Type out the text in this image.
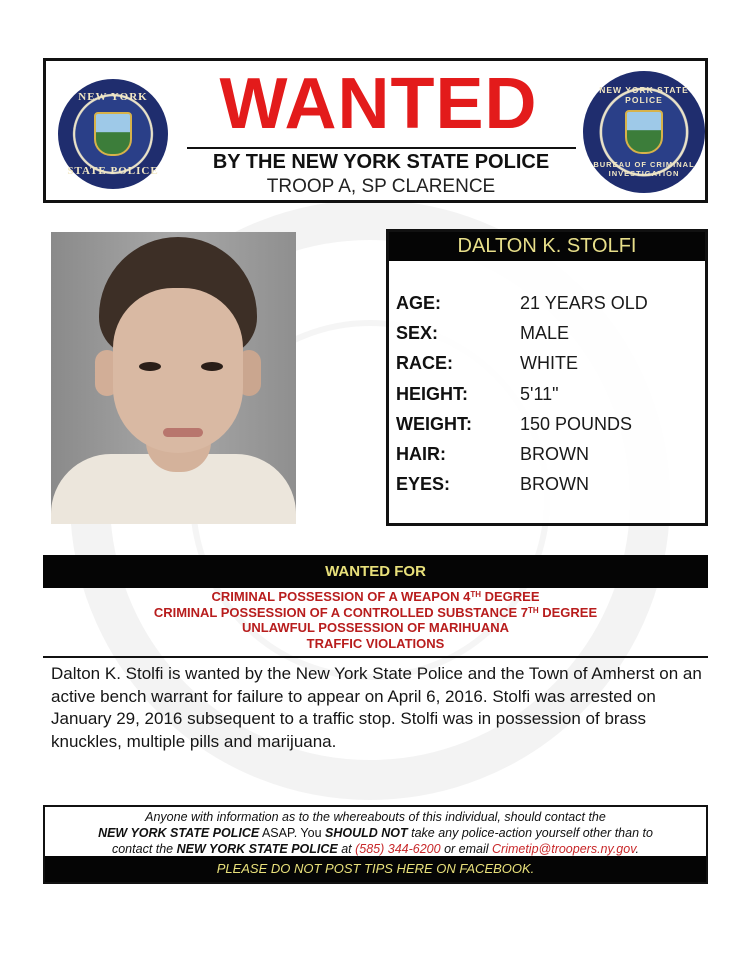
NEW YORK
STATE POLICE
WANTED
BY THE NEW YORK STATE POLICE
TROOP A, SP CLARENCE
NEW YORK STATE POLICE
BUREAU OF CRIMINAL INVESTIGATION
DALTON K. STOLFI
AGE:	21 YEARS OLD
SEX:	MALE
RACE:	WHITE
HEIGHT:	5'11"
WEIGHT:	150 POUNDS
HAIR:	BROWN
EYES:	BROWN
WANTED FOR
CRIMINAL POSSESSION OF A WEAPON 4TH DEGREE
CRIMINAL POSSESSION OF A CONTROLLED SUBSTANCE 7TH DEGREE
UNLAWFUL POSSESSION OF MARIHUANA
TRAFFIC VIOLATIONS
Dalton K. Stolfi is wanted by the New York State Police and the Town of Amherst on an active bench warrant for failure to appear on April 6, 2016. Stolfi was arrested on January 29, 2016 subsequent to a traffic stop. Stolfi was in possession of brass knuckles, multiple pills and marijuana.
Anyone with information as to the whereabouts of this individual, should contact the
NEW YORK STATE POLICE ASAP. You SHOULD NOT take any police-action yourself other than to
contact the NEW YORK STATE POLICE at (585) 344-6200 or email Crimetip@troopers.ny.gov.
PLEASE DO NOT POST TIPS HERE ON FACEBOOK.
